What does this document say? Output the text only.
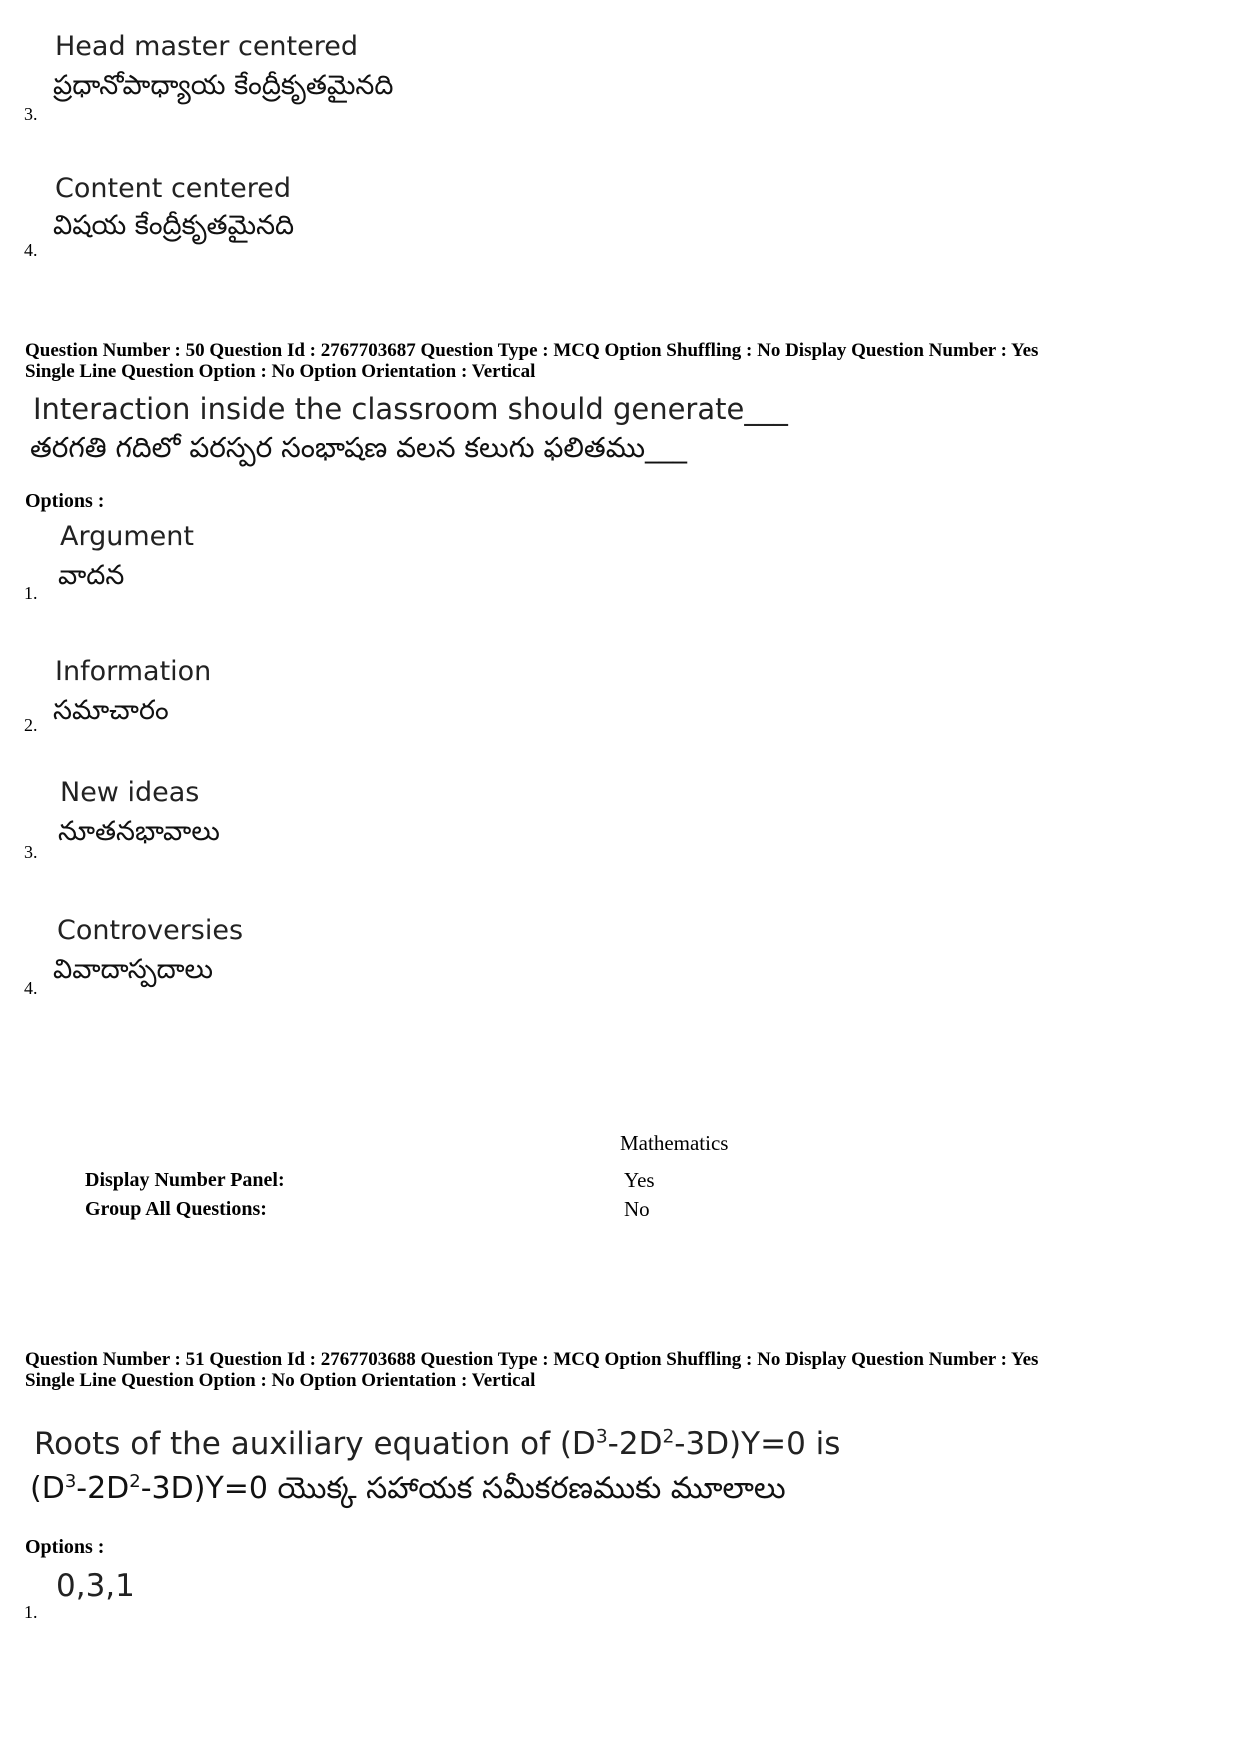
Head master centered
ప్రధానోపాధ్యాయ కేంద్రీకృతమైనది
3.
Content centered
విషయ కేంద్రీకృతమైనది
4.
Question Number : 50 Question Id : 2767703687 Question Type : MCQ Option Shuffling : No Display Question Number : Yes
Single Line Question Option : No Option Orientation : Vertical
Interaction inside the classroom should generate___
తరగతి గదిలో పరస్పర సంభాషణ వలన కలుగు ఫలితము___
Options :
Argument
వాదన
1.
Information
సమాచారం
2.
New ideas
నూతనభావాలు
3.
Controversies
వివాదాస్పదాలు
4.
Mathematics
Display Number Panel:	Yes
Group All Questions:	No
Question Number : 51 Question Id : 2767703688 Question Type : MCQ Option Shuffling : No Display Question Number : Yes
Single Line Question Option : No Option Orientation : Vertical
Roots of the auxiliary equation of $(D^3-2D^2-3D)Y=0$ is
$(D^3-2D^2-3D)Y=0$ యొక్క సహాయక సమీకరణముకు మూలాలు
Options :
0,3,1
1.
